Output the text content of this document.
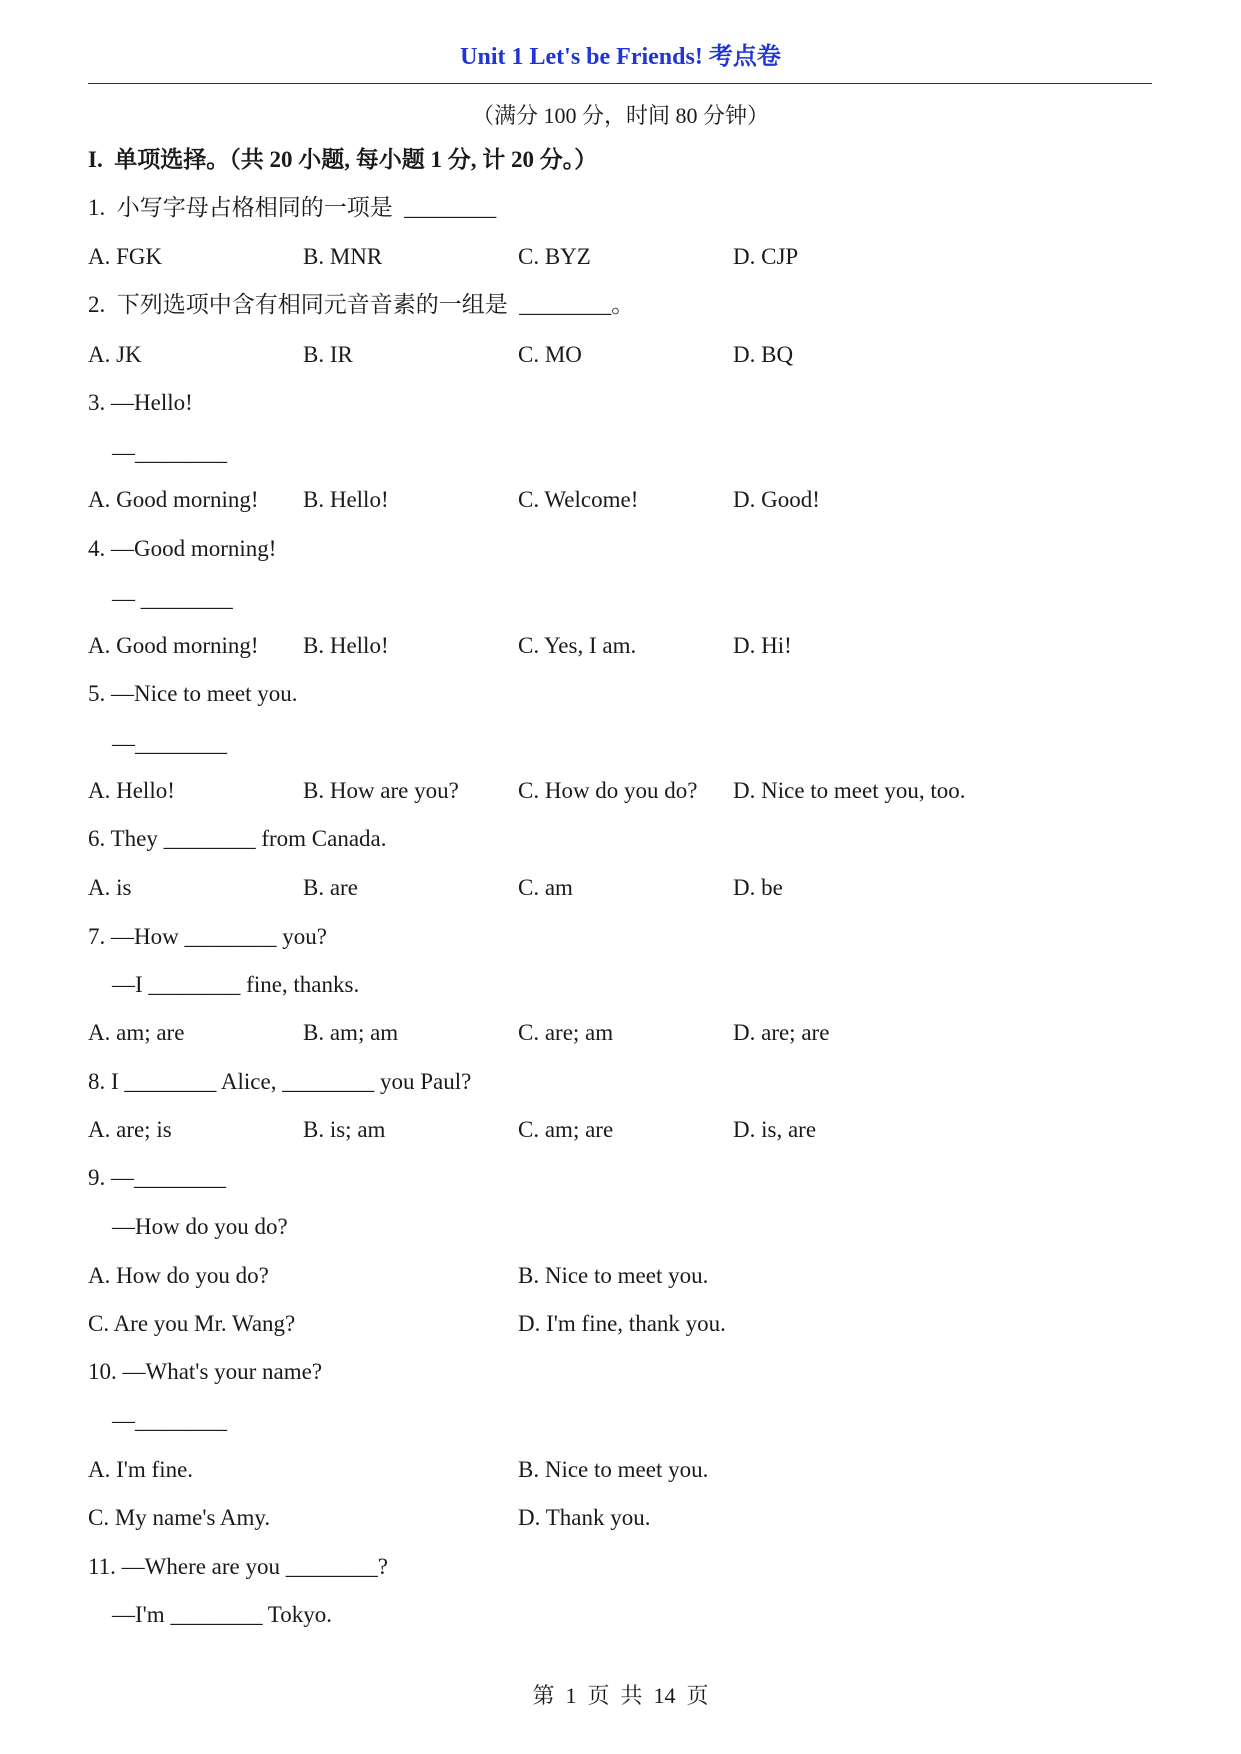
Unit 1 Let's be Friends! 考点卷
（满分 100 分，时间 80 分钟）
I.  单项选择。（共 20 小题, 每小题 1 分, 计 20 分。）
1.  小写字母占格相同的一项是  ________
A. FGK	B. MNR	C. BYZ	D. CJP
2.  下列选项中含有相同元音音素的一组是  ________。
A. JK	B. IR	C. MO	D. BQ
3. —Hello!
—________
A. Good morning! B. Hello!	C. Welcome!	D. Good!
4. —Good morning!
— ________
A. Good morning! B. Hello!	C. Yes, I am.	D. Hi!
5. —Nice to meet you.
—________
A. Hello!	B. How are you?	C. How do you do? D. Nice to meet you, too.
6. They ________ from Canada.
A. is	B. are	C. am	D. be
7. —How ________ you?
—I ________ fine, thanks.
A. am; are	B. am; am	C. are; am	D. are; are
8. I ________ Alice, ________ you Paul?
A. are; is	B. is; am	C. am; are	D. is, are
9. —________
—How do you do?
A. How do you do?	B. Nice to meet you.
C. Are you Mr. Wang?	D. I'm fine, thank you.
10. —What's your name?
—________
A. I'm fine.	B. Nice to meet you.
C. My name's Amy.	D. Thank you.
11. —Where are you ________?
—I'm ________ Tokyo.
第  1  页  共  14  页
